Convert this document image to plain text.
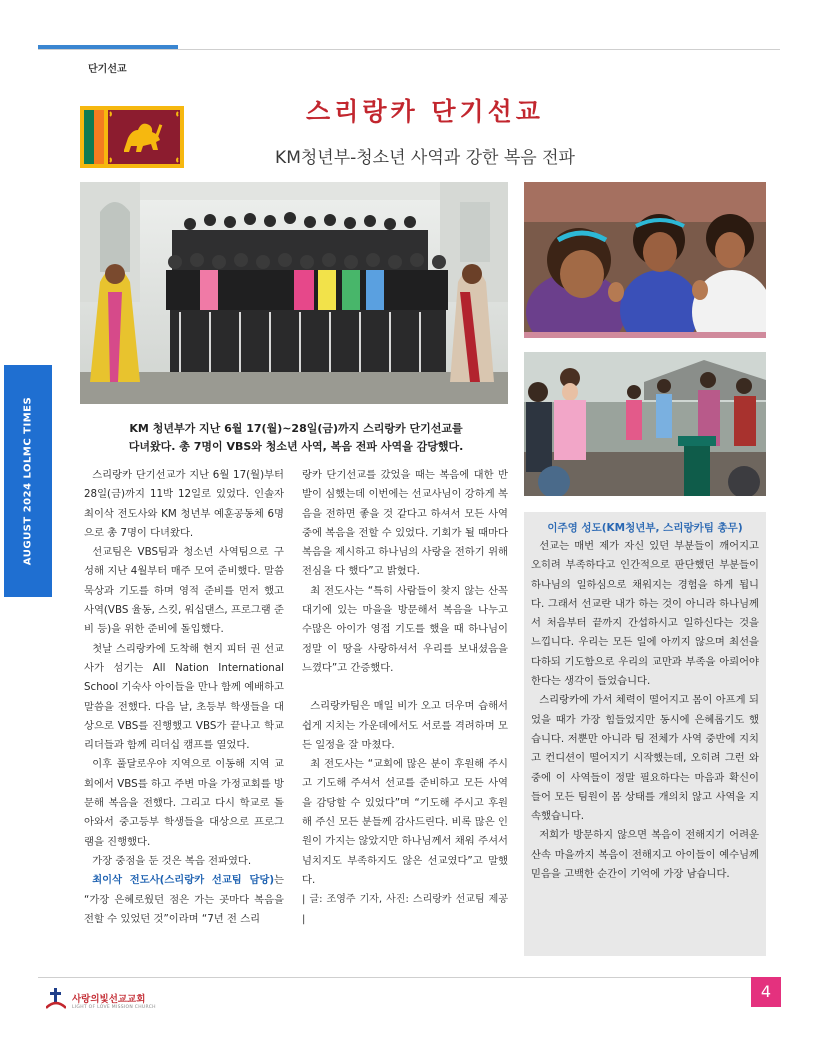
단기선교
AUGUST 2024 LOLMC TIMES
스리랑카 단기선교
KM청년부-청소년 사역과 강한 복음 전파
KM 청년부가 지난 6월 17(월)~28일(금)까지 스리랑카 단기선교를
다녀왔다. 총 7명이 VBS와 청소년 사역, 복음 전파 사역을 감당했다.

스리랑카 단기선교가 지난 6월 17(월)부터 28일(금)까지 11박 12일로 있었다. 인솔자 최이삭 전도사와 KM 청년부 예훈공동체 6명으로 총 7명이 다녀왔다.

선교팀은 VBS팀과 청소년 사역팀으로 구성해 지난 4월부터 매주 모여 준비했다. 말씀 묵상과 기도를 하며 영적 준비를 먼저 했고 사역(VBS 율동, 스킷, 워십댄스, 프로그램 준비 등)을 위한 준비에 돌입했다.

첫날 스리랑카에 도착해 현지 피터 권 선교사가 섬기는 All Nation International School 기숙사 아이들을 만나 함께 예배하고 말씀을 전했다. 다음 날, 초등부 학생들을 대상으로 VBS를 진행했고 VBS가 끝나고 학교 리더들과 함께 리더십 캠프를 열었다.

이후 풀달로우야 지역으로 이동해 지역 교회에서 VBS를 하고 주변 마을 가정교회를 방문해 복음을 전했다. 그리고 다시 학교로 돌아와서 중고등부 학생들을 대상으로 프로그램을 진행했다.

가장 중점을 둔 것은 복음 전파였다.

최이삭 전도사(스리랑카 선교팀 담당)는 “가장 은혜로웠던 점은 가는 곳마다 복음을 전할 수 있었던 것”이라며 “7년 전 스리

랑카 단기선교를 갔었을 때는 복음에 대한 반발이 심했는데 이번에는 선교사님이 강하게 복음을 전하면 좋을 것 같다고 하셔서 모든 사역 중에 복음을 전할 수 있었다. 기회가 될 때마다 복음을 제시하고 하나님의 사랑을 전하기 위해 전심을 다 했다”고 밝혔다.

최 전도사는 “특히 사람들이 찾지 않는 산꼭대기에 있는 마을을 방문해서 복음을 나누고 수많은 아이가 영접 기도를 했을 때 하나님이 정말 이 땅을 사랑하셔서 우리를 보내셨음을 느꼈다”고 간증했다.

스리랑카팀은 매일 비가 오고 더우며 습해서 쉽게 지치는 가운데에서도 서로를 격려하며 모든 일정을 잘 마쳤다.

최 전도사는 “교회에 많은 분이 후원해 주시고 기도해 주셔서 선교를 준비하고 모든 사역을 감당할 수 있었다”며 “기도해 주시고 후원해 주신 모든 분들께 감사드린다. 비록 많은 인원이 가지는 않았지만 하나님께서 채워 주셔서 넘치지도 부족하지도 않은 선교였다”고 말했다.

| 글: 조영주 기자, 사진: 스리랑카 선교팀 제공 |

이주영 성도(KM청년부, 스리랑카팀 총무)

선교는 매번 제가 자신 있던 부분들이 깨어지고 오히려 부족하다고 인간적으로 판단했던 부분들이 하나님의 일하심으로 채워지는 경험을 하게 됩니다. 그래서 선교란 내가 하는 것이 아니라 하나님께서 처음부터 끝까지 간섭하시고 일하신다는 것을 느낍니다. 우리는 모든 일에 아끼지 않으며 최선을 다하되 기도함으로 우리의 교만과 부족을 아뢰어야 한다는 생각이 들었습니다.

스리랑카에 가서 체력이 떨어지고 몸이 아프게 되었을 때가 가장 힘들었지만 동시에 은혜롭기도 했습니다. 저뿐만 아니라 팀 전체가 사역 중반에 지치고 컨디션이 떨어지기 시작했는데, 오히려 그런 와중에 이 사역들이 정말 필요하다는 마음과 확신이 들어 모든 팀원이 몸 상태를 개의치 않고 사역을 지속했습니다.

저희가 방문하지 않으면 복음이 전해지기 어려운 산속 마을까지 복음이 전해지고 아이들이 예수님께 믿음을 고백한 순간이 기억에 가장 남습니다.

사랑의빛선교교회
LIGHT OF LOVE MISSION CHURCH
4
